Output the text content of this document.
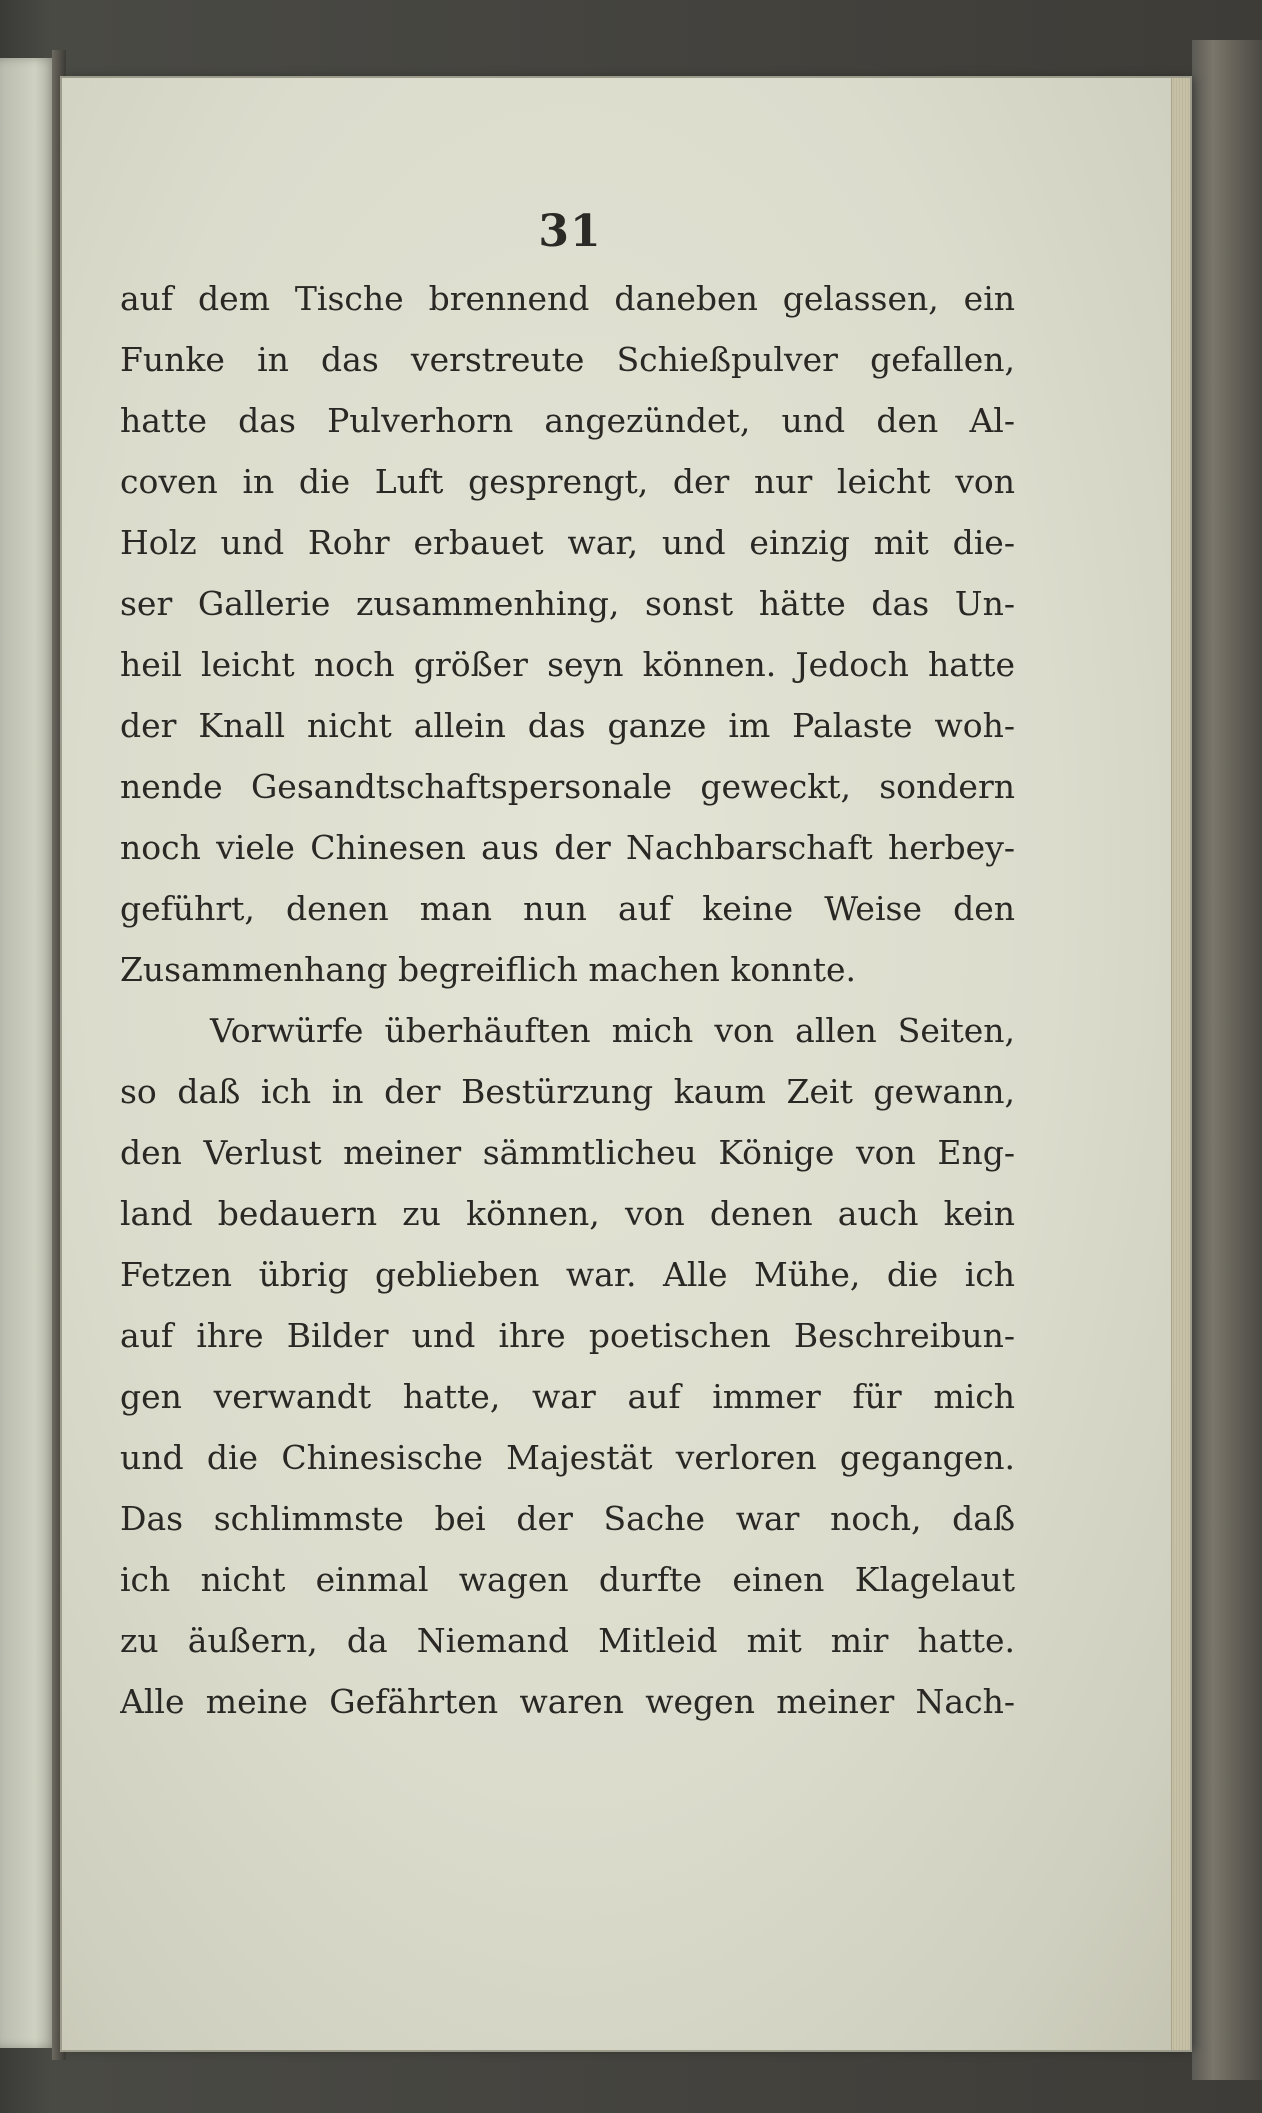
31
auf dem Tische brennend daneben gelassen, ein
Funke in das verstreute Schießpulver gefallen,
hatte das Pulverhorn angezündet, und den Al-
coven in die Luft gesprengt, der nur leicht von
Holz und Rohr erbauet war, und einzig mit die-
ser Gallerie zusammenhing, sonst hätte das Un-
heil leicht noch größer seyn können. Jedoch hatte
der Knall nicht allein das ganze im Palaste woh-
nende Gesandtschaftspersonale geweckt, sondern
noch viele Chinesen aus der Nachbarschaft herbey-
geführt, denen man nun auf keine Weise den
Zusammenhang begreiflich machen konnte.
Vorwürfe überhäuften mich von allen Seiten,
so daß ich in der Bestürzung kaum Zeit gewann,
den Verlust meiner sämmtlicheu Könige von Eng-
land bedauern zu können, von denen auch kein
Fetzen übrig geblieben war. Alle Mühe, die ich
auf ihre Bilder und ihre poetischen Beschreibun-
gen verwandt hatte, war auf immer für mich
und die Chinesische Majestät verloren gegangen.
Das schlimmste bei der Sache war noch, daß
ich nicht einmal wagen durfte einen Klagelaut
zu äußern, da Niemand Mitleid mit mir hatte.
Alle meine Gefährten waren wegen meiner Nach-
